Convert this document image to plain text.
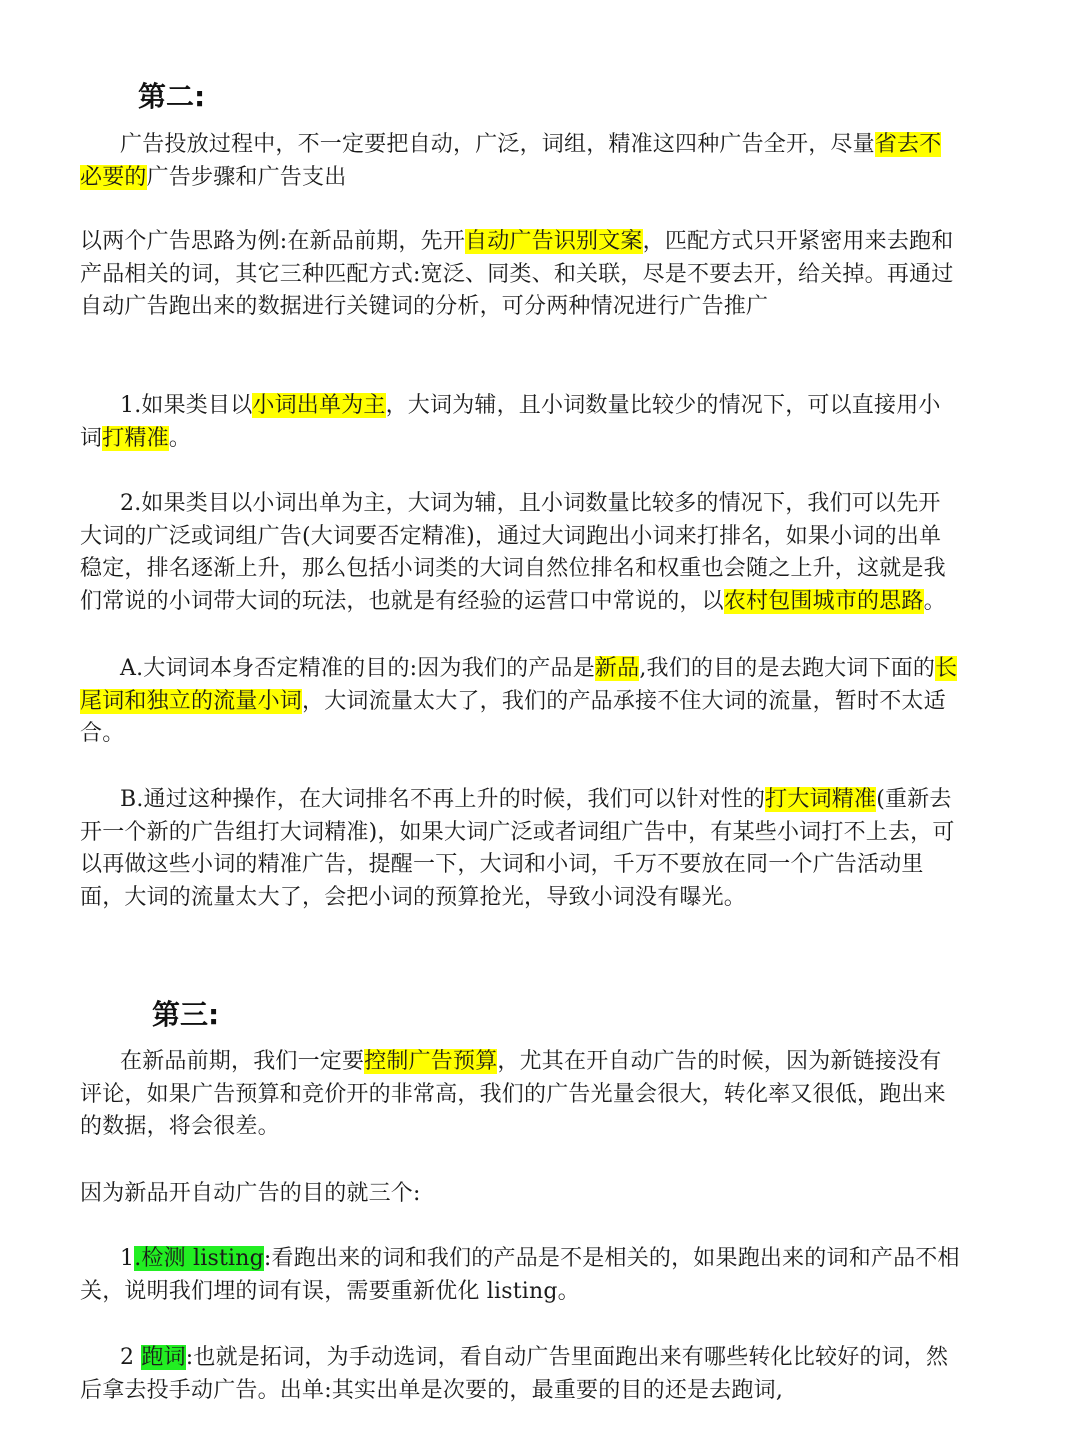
第二:

广告投放过程中，不一定要把自动，广泛，词组，精准这四种广告全开，尽量省去不必要的广告步骤和广告支出

以两个广告思路为例:在新品前期，先开自动广告识别文案，匹配方式只开紧密用来去跑和产品相关的词，其它三种匹配方式:宽泛、同类、和关联，尽是不要去开，给关掉。再通过自动广告跑出来的数据进行关键词的分析，可分两种情况进行广告推广

1.如果类目以小词出单为主，大词为辅，且小词数量比较少的情况下，可以直接用小词打精准。

2.如果类目以小词出单为主，大词为辅，且小词数量比较多的情况下，我们可以先开大词的广泛或词组广告(大词要否定精准)，通过大词跑出小词来打排名，如果小词的出单稳定，排名逐渐上升，那么包括小词类的大词自然位排名和权重也会随之上升，这就是我们常说的小词带大词的玩法，也就是有经验的运营口中常说的，以农村包围城市的思路。

A.大词词本身否定精准的目的:因为我们的产品是新品,我们的目的是去跑大词下面的长尾词和独立的流量小词，大词流量太大了，我们的产品承接不住大词的流量，暂时不太适合。

B.通过这种操作，在大词排名不再上升的时候，我们可以针对性的打大词精准(重新去开一个新的广告组打大词精准)，如果大词广泛或者词组广告中，有某些小词打不上去，可以再做这些小词的精准广告，提醒一下，大词和小词，千万不要放在同一个广告活动里面，大词的流量太大了，会把小词的预算抢光，导致小词没有曝光。

第三:

在新品前期，我们一定要控制广告预算，尤其在开自动广告的时候，因为新链接没有评论，如果广告预算和竞价开的非常高，我们的广告光量会很大，转化率又很低，跑出来的数据，将会很差。

因为新品开自动广告的目的就三个:

1.检测 listing:看跑出来的词和我们的产品是不是相关的，如果跑出来的词和产品不相关，说明我们埋的词有误，需要重新优化 listing。

2 跑词:也就是拓词，为手动选词，看自动广告里面跑出来有哪些转化比较好的词，然后拿去投手动广告。出单:其实出单是次要的，最重要的目的还是去跑词,
